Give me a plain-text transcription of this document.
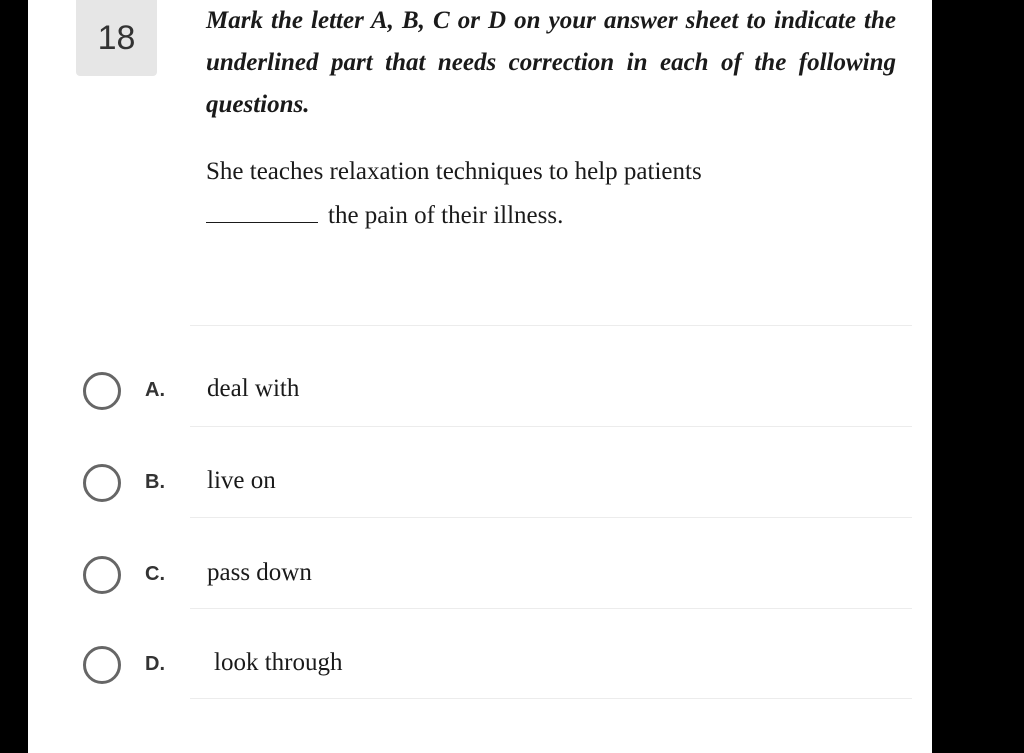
18	Mark the letter A, B, C or D on your answer sheet to indicate the underlined part that needs correction in each of the following questions.
She teaches relaxation techniques to help patients
the pain of their illness.
A. deal with
B. live on
C. pass down
D. look through
